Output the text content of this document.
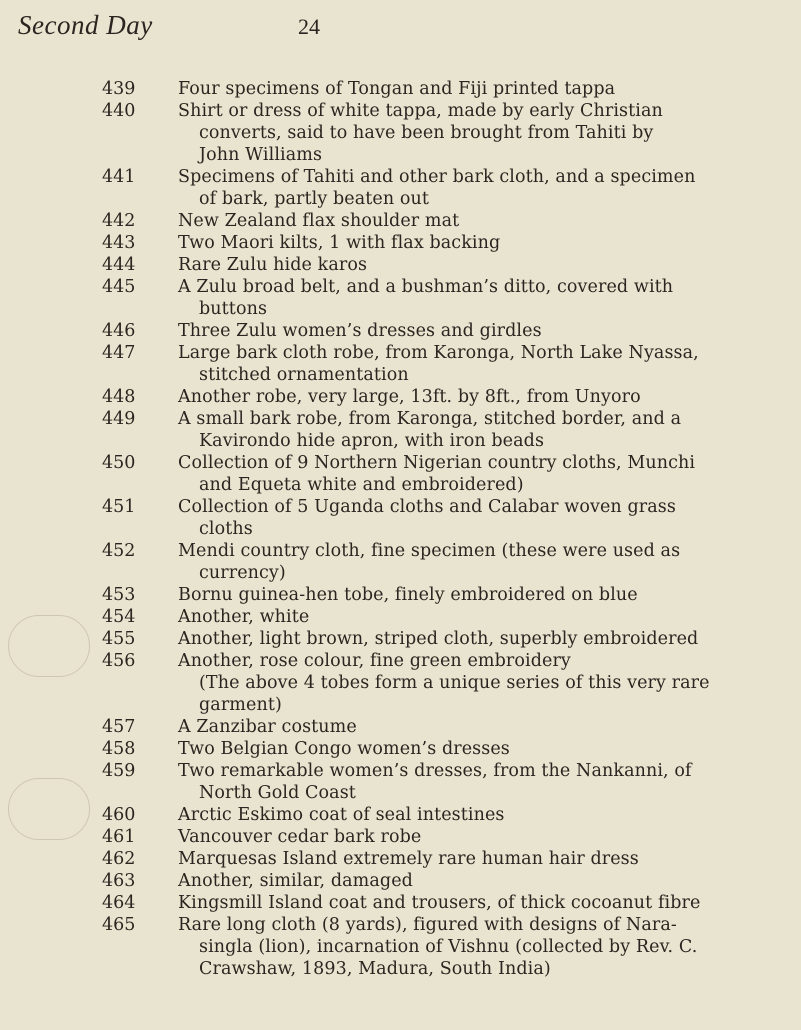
Second Day	24
439	Four specimens of Tongan and Fiji printed tappa
440	Shirt or dress of white tappa, made by early Christian
converts, said to have been brought from Tahiti by
John Williams
441	Specimens of Tahiti and other bark cloth, and a specimen
of bark, partly beaten out
442	New Zealand flax shoulder mat
443	Two Maori kilts, 1 with flax backing
444	Rare Zulu hide karos
445	A Zulu broad belt, and a bushman’s ditto, covered with
buttons
446	Three Zulu women’s dresses and girdles
447	Large bark cloth robe, from Karonga, North Lake Nyassa,
stitched ornamentation
448	Another robe, very large, 13ft. by 8ft., from Unyoro
449	A small bark robe, from Karonga, stitched border, and a
Kavirondo hide apron, with iron beads
450	Collection of 9 Northern Nigerian country cloths, Munchi
and Equeta white and embroidered)
451	Collection of 5 Uganda cloths and Calabar woven grass
cloths
452	Mendi country cloth, fine specimen (these were used as
currency)
453	Bornu guinea-hen tobe, finely embroidered on blue
454	Another, white
455	Another, light brown, striped cloth, superbly embroidered
456	Another, rose colour, fine green embroidery
(The above 4 tobes form a unique series of this very rare
garment)
457	A Zanzibar costume
458	Two Belgian Congo women’s dresses
459	Two remarkable women’s dresses, from the Nankanni, of
North Gold Coast
460	Arctic Eskimo coat of seal intestines
461	Vancouver cedar bark robe
462	Marquesas Island extremely rare human hair dress
463	Another, similar, damaged
464	Kingsmill Island coat and trousers, of thick cocoanut fibre
465	Rare long cloth (8 yards), figured with designs of Nara-
singla (lion), incarnation of Vishnu (collected by Rev. C.
Crawshaw, 1893, Madura, South India)
